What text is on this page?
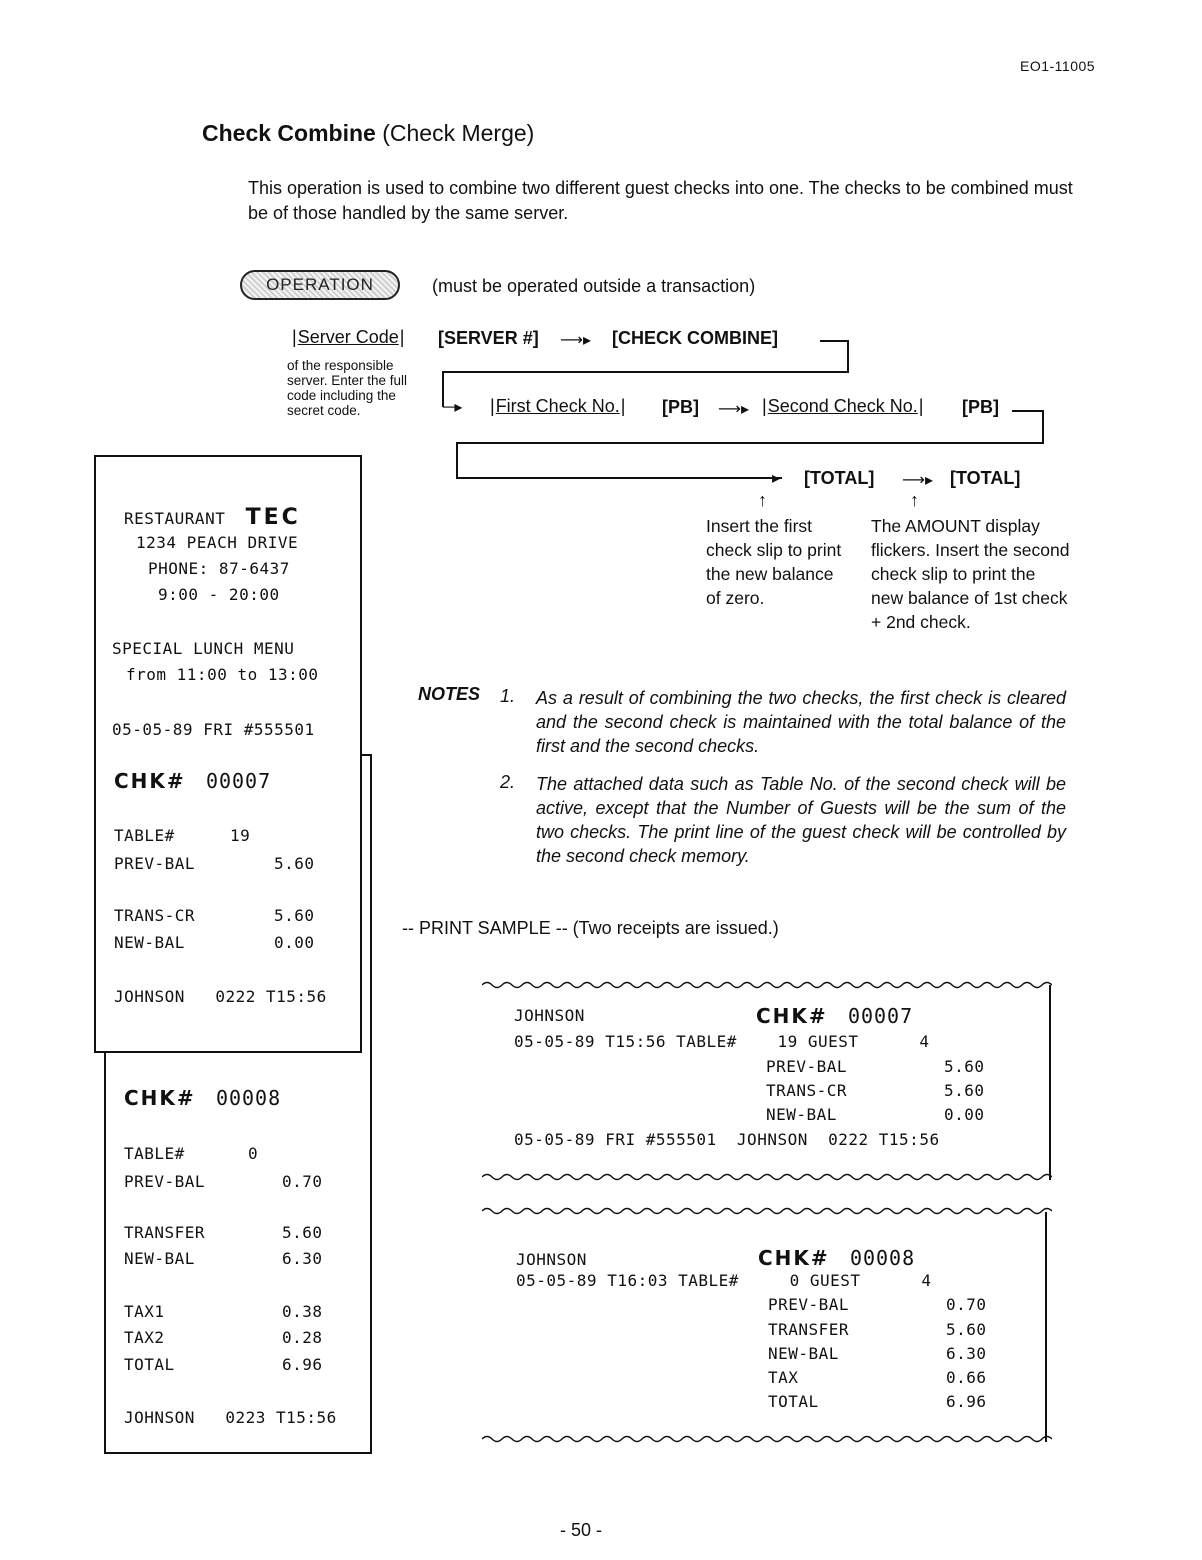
EO1-11005
Check Combine (Check Merge)
This operation is used to combine two different guest checks into one. The checks to be combined must be of those handled by the same server.
OPERATION	(must be operated outside a transaction)
| Server Code |
of the responsible server. Enter the full code including the secret code.
[SERVER #] ⟶▸ [CHECK COMBINE]
─▸	| First Check No. |	[PB] ⟶▸	| Second Check No. |	[PB]
▸ [TOTAL] ⟶▸ [TOTAL]
↑	↑
Insert the first check slip to print the new balance of zero.
The AMOUNT display flickers. Insert the second check slip to print the new balance of 1st check + 2nd check.
NOTES 1. As a result of combining the two checks, the first check is cleared and the second check is maintained with the total balance of the first and the second checks.
2. The attached data such as Table No. of the second check will be active, except that the Number of Guests will be the sum of the two checks. The print line of the guest check will be controlled by the second check memory.
-- PRINT SAMPLE -- (Two receipts are issued.)
CHK# 00008
TABLE#	0
PREV-BAL	0.70
TRANSFER	5.60
NEW-BAL	6.30
TAX1	0.38
TAX2	0.28
TOTAL	6.96
JOHNSON   0223 T15:56
RESTAURANT TEC
1234 PEACH DRIVE
PHONE: 87-6437
9:00 - 20:00
SPECIAL LUNCH MENU
from 11:00 to 13:00
05-05-89 FRI #555501
CHK# 00007
TABLE#	19
PREV-BAL	5.60
TRANS-CR	5.60
NEW-BAL	0.00
JOHNSON   0222 T15:56
JOHNSON	CHK# 00007
05-05-89 T15:56 TABLE#    19 GUEST      4
PREV-BAL	5.60
TRANS-CR	5.60
NEW-BAL	0.00
05-05-89 FRI #555501  JOHNSON  0222 T15:56
JOHNSON	CHK# 00008
05-05-89 T16:03 TABLE#     0 GUEST      4
PREV-BAL	0.70
TRANSFER	5.60
NEW-BAL	6.30
TAX	0.66
TOTAL	6.96
- 50 -
